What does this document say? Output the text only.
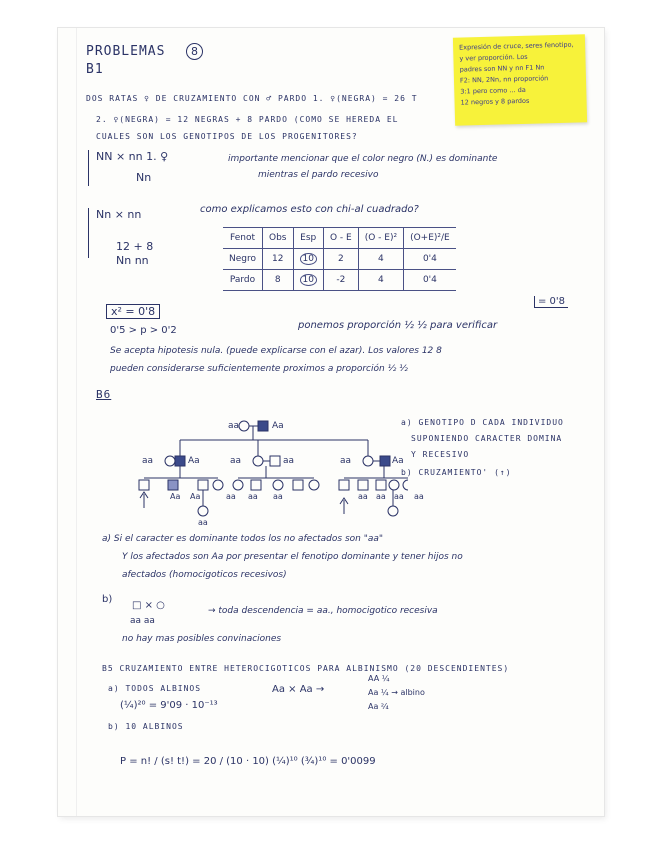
PROBLEMAS	8
B1

Expresión de cruce, seres fenotipo,

y ver proporción. Los

padres son NN y nn F1 Nn

F2: NN, 2Nn, nn proporción

3:1 pero como ... da

12 negros y 8 pardos

DOS RATAS ♀ DE CRUZAMIENTO CON ♂ PARDO 1. ♀(NEGRA) = 26 T
2. ♀(NEGRA) = 12 NEGRAS + 8 PARDO (COMO SE HEREDA EL
CUALES SON LOS GENOTIPOS DE LOS PROGENITORES?
NN × nn 1. ♀
Nn
importante mencionar que el color negro (N.) es dominante
mientras el pardo recesivo
Nn × nn
12 + 8
Nn nn
como explicamos esto con chi-al cuadrado?
Fenot	Obs	Esp	O - E	(O - E)²	(O+E)²/E
Negro	12	10	2	4	0'4
Pardo	8	10	-2	4	0'4
= 0'8
x² = 0'8
0'5 > p > 0'2	ponemos proporción ½ ½ para verificar
Se acepta hipotesis nula. (puede explicarse con el azar). Los valores 12 8
pueden considerarse suficientemente proximos a proporción ½ ½
B6
a) GENOTIPO D CADA INDIVIDUO
SUPONIENDO CARACTER DOMINA
Y RECESIVO
b) CRUZAMIENTO' (↑)
aa	Aa
aa	Aa	aa	aa	aa	Aa
Aa Aa	aa aa aa	aa aa aa aa
aa
a) Si el caracter es dominante todos los no afectados son "aa"
Y los afectados son Aa por presentar el fenotipo dominante y tener hijos no
afectados (homocigoticos recesivos)
b)
□ × ○
aa aa
→ toda descendencia = aa., homocigotico recesiva
no hay mas posibles convinaciones
B5 CRUZAMIENTO ENTRE HETEROCIGOTICOS PARA ALBINISMO (20 DESCENDIENTES)
a) TODOS ALBINOS	Aa × Aa →
AA ¼
Aa ¼ → albino
Aa ²⁄₄
(¼)²⁰ = 9'09 · 10⁻¹³
b) 10 ALBINOS
P = n! / (s! t!) = 20 / (10 · 10) (¼)¹⁰ (¾)¹⁰ = 0'0099
